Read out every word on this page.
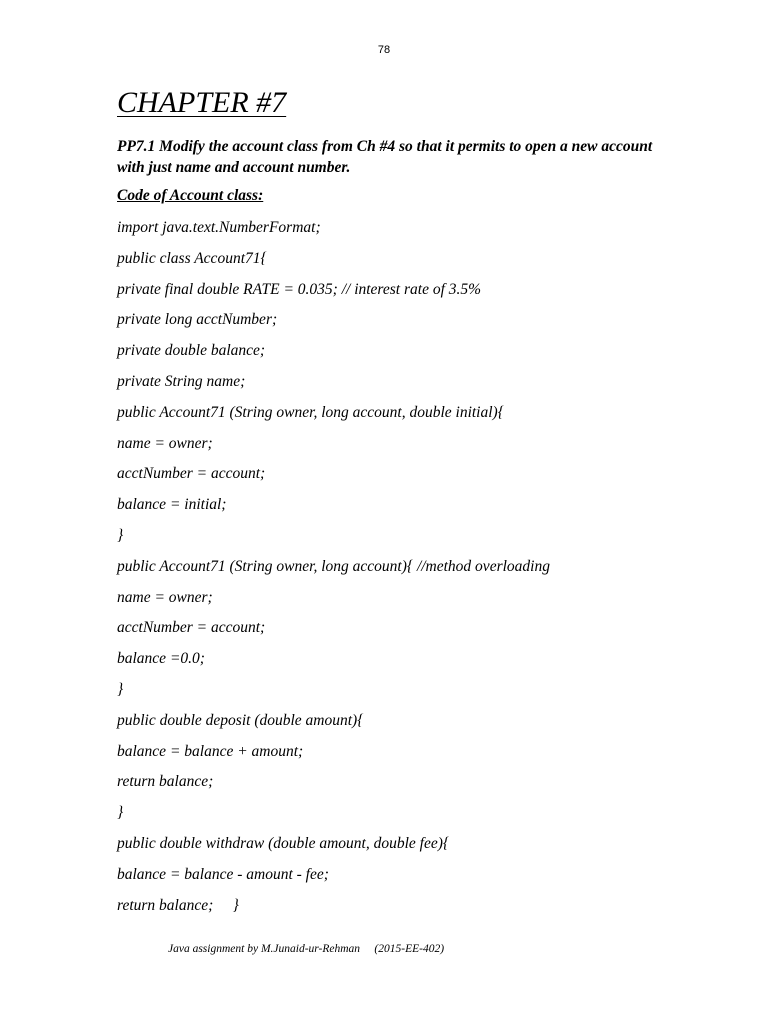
78
CHAPTER #7

PP7.1 Modify the account class from Ch #4 so that it permits to open a new account with just name and account number.

Code of Account class:

import java.text.NumberFormat;
public class Account71{
private final double RATE = 0.035; // interest rate of 3.5%
private long acctNumber;
private double balance;
private String name;
public Account71 (String owner, long account, double initial){
name = owner;
acctNumber = account;
balance = initial;
}
public Account71 (String owner, long account){ //method overloading
name = owner;
acctNumber = account;
balance =0.0;
}
public double deposit (double amount){
balance = balance + amount;
return balance;
}
public double withdraw (double amount, double fee){
balance = balance - amount - fee;
return balance;     }
Java assignment by M.Junaid-ur-Rehman     (2015-EE-402)
